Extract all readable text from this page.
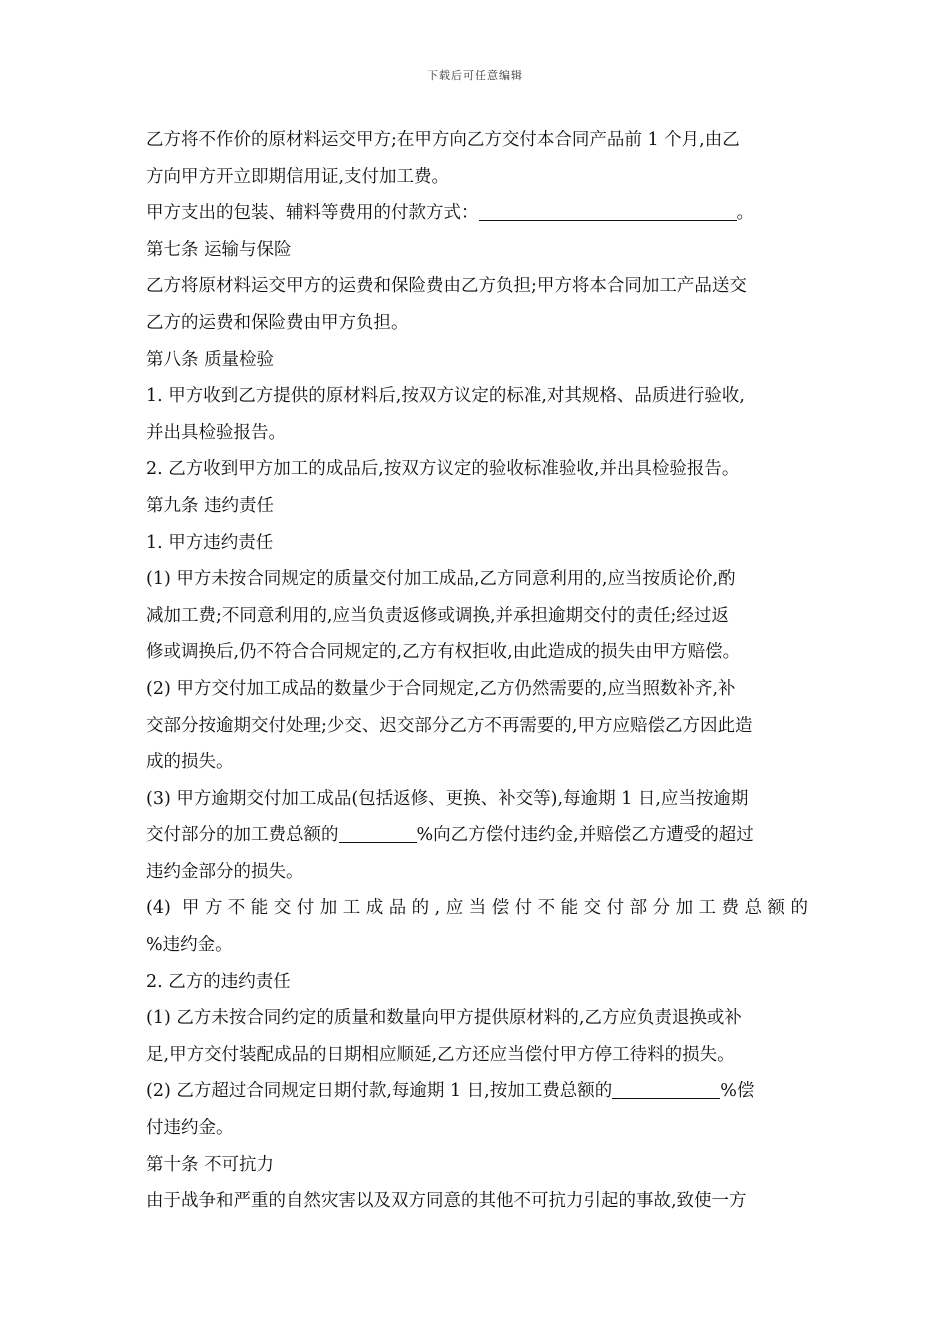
下载后可任意编辑
乙方将不作价的原材料运交甲方;在甲方向乙方交付本合同产品前 1 个月,由乙
方向甲方开立即期信用证,支付加工费。
甲方支出的包装、辅料等费用的付款方式：	。
第七条 运输与保险
乙方将原材料运交甲方的运费和保险费由乙方负担;甲方将本合同加工产品送交
乙方的运费和保险费由甲方负担。
第八条 质量检验
1. 甲方收到乙方提供的原材料后,按双方议定的标准,对其规格、品质进行验收,
并出具检验报告。
2. 乙方收到甲方加工的成品后,按双方议定的验收标准验收,并出具检验报告。
第九条 违约责任
1. 甲方违约责任
(1) 甲方未按合同规定的质量交付加工成品,乙方同意利用的,应当按质论价,酌
减加工费;不同意利用的,应当负责返修或调换,并承担逾期交付的责任;经过返
修或调换后,仍不符合合同规定的,乙方有权拒收,由此造成的损失由甲方赔偿。
(2) 甲方交付加工成品的数量少于合同规定,乙方仍然需要的,应当照数补齐,补
交部分按逾期交付处理;少交、迟交部分乙方不再需要的,甲方应赔偿乙方因此造
成的损失。
(3) 甲方逾期交付加工成品(包括返修、更换、补交等),每逾期 1 日,应当按逾期
交付部分的加工费总额的	%向乙方偿付违约金,并赔偿乙方遭受的超过
违约金部分的损失。
(4) 甲方不能交付加工成品的,应当偿付不能交付部分加工费总额的
%违约金。
2. 乙方的违约责任
(1) 乙方未按合同约定的质量和数量向甲方提供原材料的,乙方应负责退换或补
足,甲方交付装配成品的日期相应顺延,乙方还应当偿付甲方停工待料的损失。
(2) 乙方超过合同规定日期付款,每逾期 1 日,按加工费总额的	%偿
付违约金。
第十条 不可抗力
由于战争和严重的自然灾害以及双方同意的其他不可抗力引起的事故,致使一方
